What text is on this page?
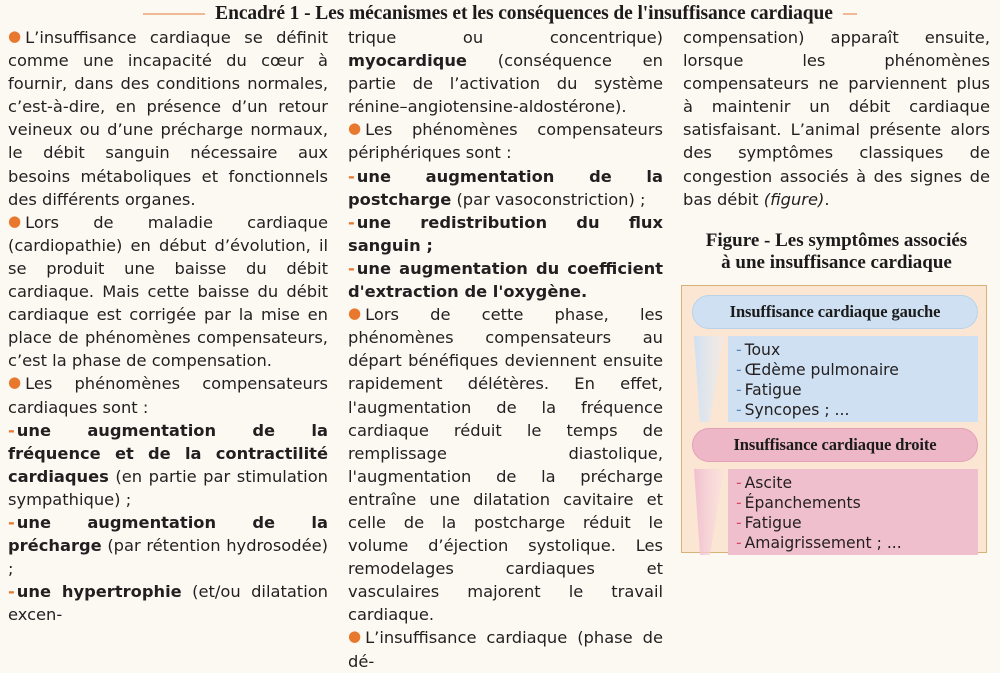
Encadré 1 - Les mécanismes et les conséquences de l'insuffisance cardiaque

● L’insuffisance cardiaque se définit comme une incapacité du cœur à fournir, dans des conditions normales, c’est-à-dire, en présence d’un retour veineux ou d’une précharge normaux, le débit sanguin nécessaire aux besoins métaboliques et fonctionnels des différents organes.

● Lors de maladie cardiaque (cardiopathie) en début d’évolution, il se produit une baisse du débit cardiaque. Mais cette baisse du débit cardiaque est corrigée par la mise en place de phénomènes compensateurs, c’est la phase de compensation.

● Les phénomènes compensateurs cardiaques sont :

- une augmentation de la fréquence et de la contractilité cardiaques (en partie par stimulation sympathique) ;

- une augmentation de la précharge (par rétention hydrosodée) ;

- une hypertrophie (et/ou dilatation excen-

trique ou concentrique) myocardique (conséquence en partie de l’activation du système rénine–angiotensine-aldostérone).

● Les phénomènes compensateurs périphériques sont :

- une augmentation de la postcharge (par vasoconstriction) ;

- une redistribution du flux sanguin ;

- une augmentation du coefficient d'extraction de l'oxygène.

● Lors de cette phase, les phénomènes compensateurs au départ bénéfiques deviennent ensuite rapidement délétères. En effet, l'augmentation de la fréquence cardiaque réduit le temps de remplissage diastolique, l'augmentation de la précharge entraîne une dilatation cavitaire et celle de la postcharge réduit le volume d’éjection systolique. Les remodelages cardiaques et vasculaires majorent le travail cardiaque.

● L’insuffisance cardiaque (phase de dé-

compensation) apparaît ensuite, lorsque les phénomènes compensateurs ne parviennent plus à maintenir un débit cardiaque satisfaisant. L’animal présente alors des symptômes classiques de congestion associés à des signes de bas débit (figure).

Figure - Les symptômes associés
à une insuffisance cardiaque
Insuffisance cardiaque gauche
- Toux
- Œdème pulmonaire
- Fatigue
- Syncopes ; ...
Insuffisance cardiaque droite
- Ascite
- Épanchements
- Fatigue
- Amaigrissement ; ...
